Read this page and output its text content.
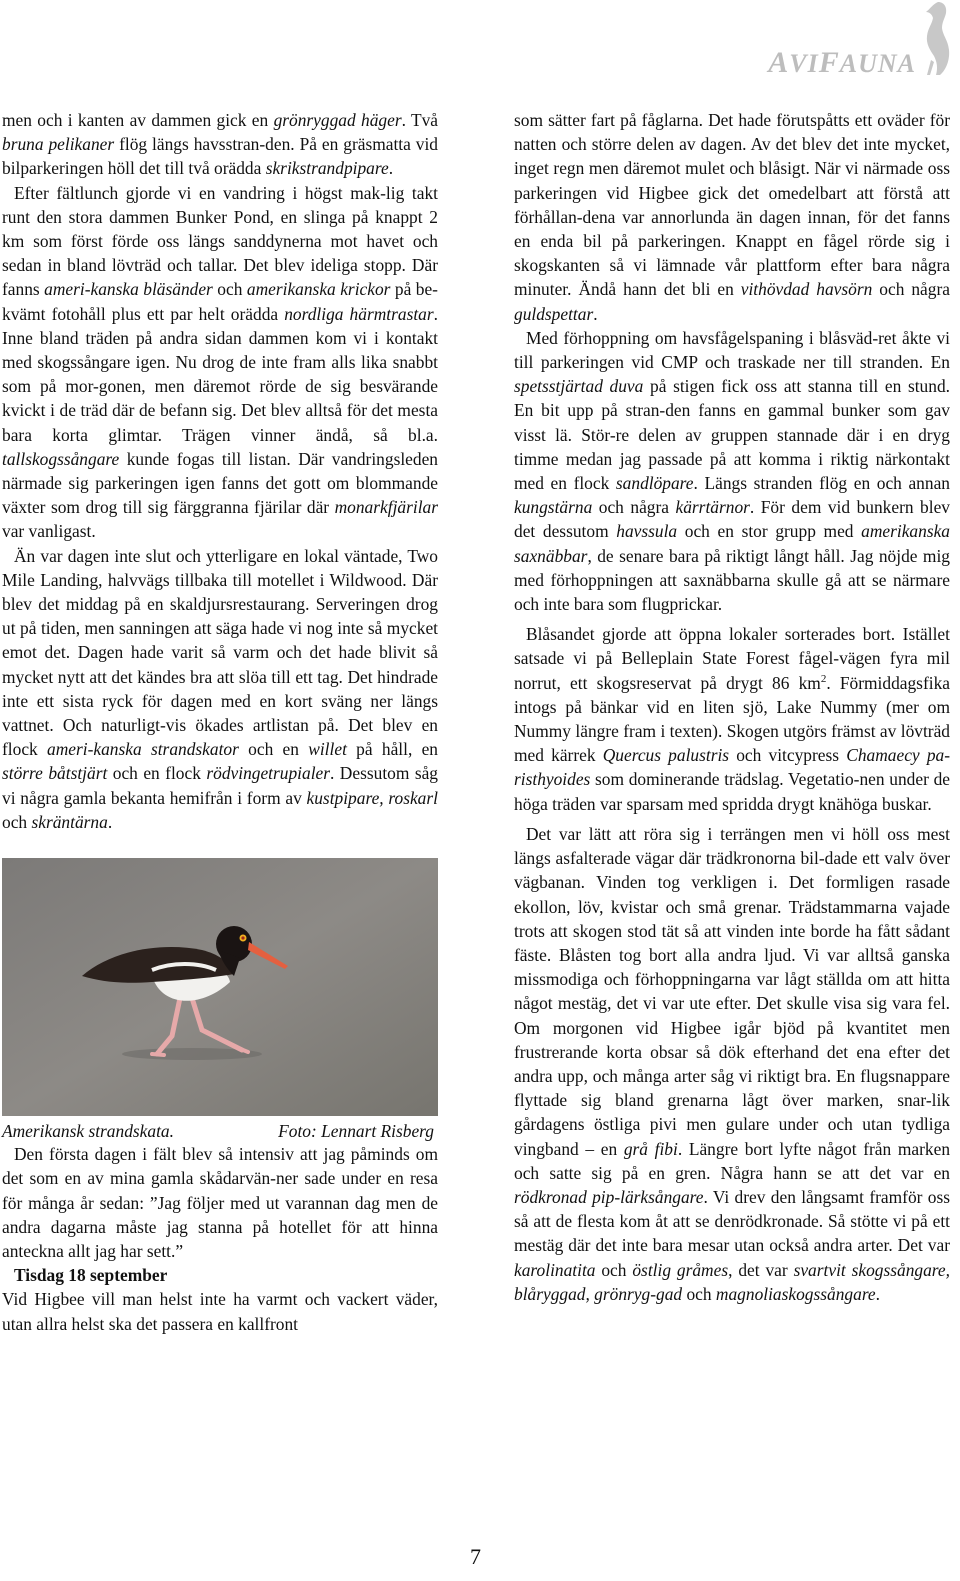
AVIFAUNA

men och i kanten av dammen gick en grönryggad häger. Två bruna pelikaner flög längs havsstran-den. På en gräsmatta vid bilparkeringen höll det till två orädda skrikstrandpipare.

Efter fältlunch gjorde vi en vandring i högst mak-lig takt runt den stora dammen Bunker Pond, en slinga på knappt 2 km som först förde oss längs sanddynerna mot havet och sedan in bland lövträd och tallar. Det blev ideliga stopp. Där fanns ameri-kanska bläsänder och amerikanska krickor på be-kvämt fotohåll plus ett par helt orädda nordliga härmtrastar. Inne bland träden på andra sidan dammen kom vi i kontakt med skogssångare igen. Nu drog de inte fram alls lika snabbt som på mor-gonen, men däremot rörde de sig besvärande kvickt i de träd där de befann sig. Det blev alltså för det mesta bara korta glimtar. Trägen vinner ändå, så bl.a. tallskogssångare kunde fogas till listan. Där vandringsleden närmade sig parkeringen igen fanns det gott om blommande växter som drog till sig färggranna fjärilar där monarkfjärilar var vanligast.

Än var dagen inte slut och ytterligare en lokal väntade, Two Mile Landing, halvvägs tillbaka till motellet i Wildwood. Där blev det middag på en skaldjursrestaurang. Serveringen drog ut på tiden, men sanningen att säga hade vi nog inte så mycket emot det. Dagen hade varit så varm och det hade blivit så mycket nytt att det kändes bra att slöa till ett tag. Det hindrade inte ett sista ryck för dagen med en kort sväng ner längs vattnet. Och naturligt-vis ökades artlistan på. Det blev en flock ameri-kanska strandskator och en willet på håll, en större båtstjärt och en flock rödvingetrupialer. Dessutom såg vi några gamla bekanta hemifrån i form av kustpipare, roskarl och skräntärna.

Amerikansk strandskata.	Foto: Lennart Risberg

Den första dagen i fält blev så intensiv att jag påminds om det som en av mina gamla skådarvän-ner sade under en resa för många år sedan: ”Jag följer med ut varannan dag men de andra dagarna måste jag stanna på hotellet för att hinna anteckna allt jag har sett.”

Tisdag 18 september

Vid Higbee vill man helst inte ha varmt och vackert väder, utan allra helst ska det passera en kallfront

som sätter fart på fåglarna. Det hade förutspåtts ett oväder för natten och större delen av dagen. Av det blev det inte mycket, inget regn men däremot mulet och blåsigt. När vi närmade oss parkeringen vid Higbee gick det omedelbart att förstå att förhållan-dena var annorlunda än dagen innan, för det fanns en enda bil på parkeringen. Knappt en fågel rörde sig i skogskanten så vi lämnade vår plattform efter bara några minuter. Ändå hann det bli en vithövdad havsörn och några guldspettar.

Med förhoppning om havsfågelspaning i blåsväd-ret åkte vi till parkeringen vid CMP och traskade ner till stranden. En spetsstjärtad duva på stigen fick oss att stanna till en stund. En bit upp på stran-den fanns en gammal bunker som gav visst lä. Stör-re delen av gruppen stannade där i en dryg timme medan jag passade på att komma i riktig närkontakt med en flock sandlöpare. Längs stranden flög en och annan kungstärna och några kärrtärnor. För dem vid bunkern blev det dessutom havssula och en stor grupp med amerikanska saxnäbbar, de senare bara på riktigt långt håll. Jag nöjde mig med förhoppningen att saxnäbbarna skulle gå att se närmare och inte bara som flugprickar.

Blåsandet gjorde att öppna lokaler sorterades bort. Istället satsade vi på Belleplain State Forest fågel-vägen fyra mil norrut, ett skogsreservat på drygt 86 $km^2$. Förmiddagsfika intogs på bänkar vid en liten sjö, Lake Nummy (mer om Nummy längre fram i texten). Skogen utgörs främst av lövträd med kärrek Quercus palustris och vitcypress Chamaecy pa-risthyoides som dominerande trädslag. Vegetatio-nen under de höga träden var sparsam med spridda drygt knähöga buskar.

Det var lätt att röra sig i terrängen men vi höll oss mest längs asfalterade vägar där trädkronorna bil-dade ett valv över vägbanan. Vinden tog verkligen i. Det formligen rasade ekollon, löv, kvistar och små grenar. Trädstammarna vajade trots att skogen stod tät så att vinden inte borde ha fått sådant fäste. Blåsten tog bort alla andra ljud. Vi var alltså ganska missmodiga och förhoppningarna var lågt ställda om att hitta något mestäg, det vi var ute efter. Det skulle visa sig vara fel. Om morgonen vid Higbee igår bjöd på kvantitet men frustrerande korta obsar så dök efterhand det ena efter det andra upp, och många arter såg vi riktigt bra. En flugsnappare flyttade sig bland grenarna lågt över marken, snar-lik gårdagens östliga pivi men gulare under och utan tydliga vingband – en grå fibi. Längre bort lyfte något från marken och satte sig på en gren. Några hann se att det var en rödkronad pip-lärksångare. Vi drev den långsamt framför oss så att de flesta kom åt att se denrödkronade. Så stötte vi på ett mestäg där det inte bara mesar utan också andra arter. Det var karolinatita och östlig gråmes, det var svartvit skogssångare, blåryggad, grönryg-gad och magnoliaskogssångare.

7
